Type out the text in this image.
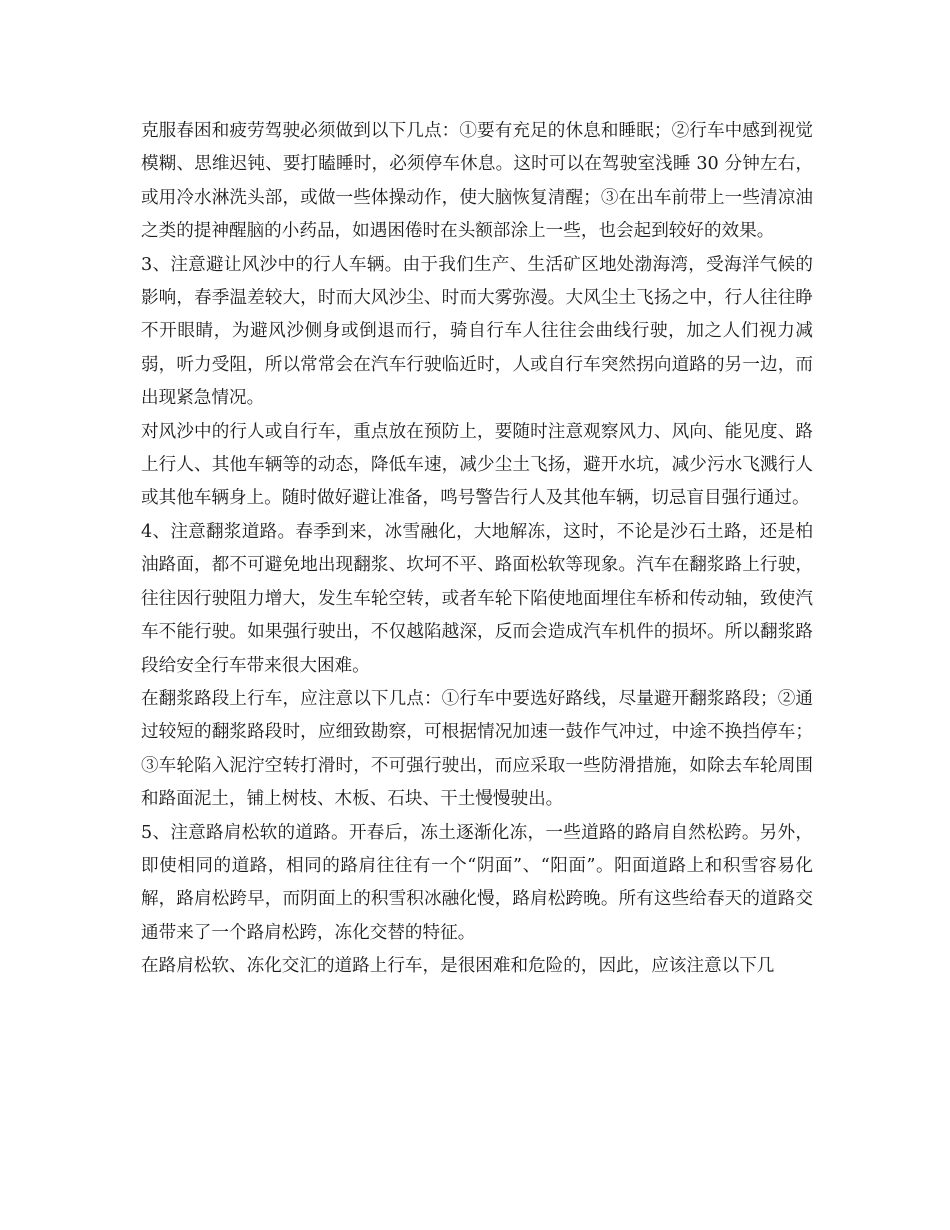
克服春困和疲劳驾驶必须做到以下几点：①要有充足的休息和睡眠；②行车中感到视觉模糊、思维迟钝、要打瞌睡时，必须停车休息。这时可以在驾驶室浅睡 30 分钟左右，或用冷水淋洗头部，或做一些体操动作，使大脑恢复清醒；③在出车前带上一些清凉油之类的提神醒脑的小药品，如遇困倦时在头额部涂上一些，也会起到较好的效果。

3、注意避让风沙中的行人车辆。由于我们生产、生活矿区地处渤海湾，受海洋气候的影响，春季温差较大，时而大风沙尘、时而大雾弥漫。大风尘土飞扬之中，行人往往睁不开眼睛，为避风沙侧身或倒退而行，骑自行车人往往会曲线行驶，加之人们视力减弱，听力受阻，所以常常会在汽车行驶临近时，人或自行车突然拐向道路的另一边，而出现紧急情况。

对风沙中的行人或自行车，重点放在预防上，要随时注意观察风力、风向、能见度、路上行人、其他车辆等的动态，降低车速，减少尘土飞扬，避开水坑，减少污水飞溅行人或其他车辆身上。随时做好避让准备，鸣号警告行人及其他车辆，切忌盲目强行通过。

4、注意翻浆道路。春季到来，冰雪融化，大地解冻，这时，不论是沙石土路，还是柏油路面，都不可避免地出现翻浆、坎坷不平、路面松软等现象。汽车在翻浆路上行驶，往往因行驶阻力增大，发生车轮空转，或者车轮下陷使地面埋住车桥和传动轴，致使汽车不能行驶。如果强行驶出，不仅越陷越深，反而会造成汽车机件的损坏。所以翻浆路段给安全行车带来很大困难。

在翻浆路段上行车，应注意以下几点：①行车中要选好路线，尽量避开翻浆路段；②通过较短的翻浆路段时，应细致勘察，可根据情况加速一鼓作气冲过，中途不换挡停车；③车轮陷入泥泞空转打滑时，不可强行驶出，而应采取一些防滑措施，如除去车轮周围和路面泥土，铺上树枝、木板、石块、干土慢慢驶出。

5、注意路肩松软的道路。开春后，冻土逐渐化冻，一些道路的路肩自然松跨。另外，即使相同的道路，相同的路肩往往有一个“阴面”、“阳面”。阳面道路上和积雪容易化解，路肩松跨早，而阴面上的积雪积冰融化慢，路肩松跨晚。所有这些给春天的道路交通带来了一个路肩松跨，冻化交替的特征。

在路肩松软、冻化交汇的道路上行车，是很困难和危险的，因此，应该注意以下几
